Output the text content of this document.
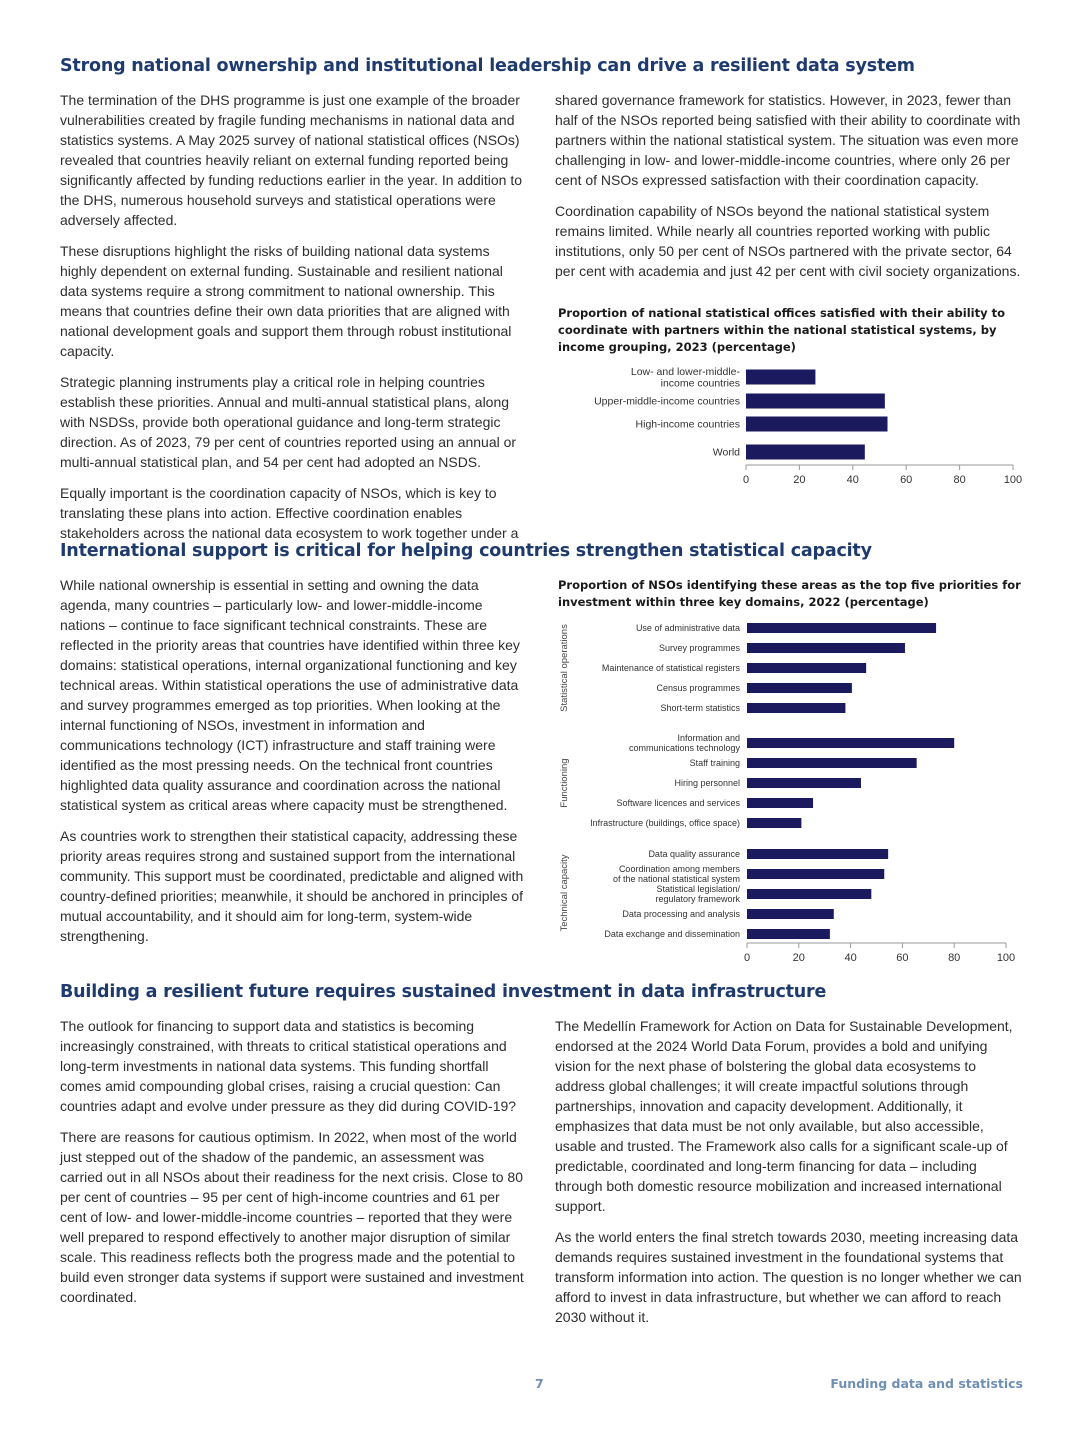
Strong national ownership and institutional leadership can drive a resilient data system

The termination of the DHS programme is just one example of the broader vulnerabilities created by fragile funding mechanisms in national data and statistics systems. A May 2025 survey of national statistical offices (NSOs) revealed that countries heavily reliant on external funding reported being significantly affected by funding reductions earlier in the year. In addition to the DHS, numerous household surveys and statistical operations were adversely affected.

These disruptions highlight the risks of building national data systems highly dependent on external funding. Sustainable and resilient national data systems require a strong commitment to national ownership. This means that countries define their own data priorities that are aligned with national development goals and support them through robust institutional capacity.

Strategic planning instruments play a critical role in helping countries establish these priorities. Annual and multi-annual statistical plans, along with NSDSs, provide both operational guidance and long-term strategic direction. As of 2023, 79 per cent of countries reported using an annual or multi-annual statistical plan, and 54 per cent had adopted an NSDS.

Equally important is the coordination capacity of NSOs, which is key to translating these plans into action. Effective coordination enables stakeholders across the national data ecosystem to work together under a

shared governance framework for statistics. However, in 2023, fewer than half of the NSOs reported being satisfied with their ability to coordinate with partners within the national statistical system. The situation was even more challenging in low- and lower-middle-income countries, where only 26 per cent of NSOs expressed satisfaction with their coordination capacity.

Coordination capability of NSOs beyond the national statistical system remains limited. While nearly all countries reported working with public institutions, only 50 per cent of NSOs partnered with the private sector, 64 per cent with academia and just 42 per cent with civil society organizations.

Proportion of national statistical offices satisfied with their ability to coordinate with partners within the national statistical systems, by income grouping, 2023 (percentage)
Low- and lower-middle-income countries
Upper-middle-income countries
High-income countries
World
0	20	40	60	80	100
International support is critical for helping countries strengthen statistical capacity

While national ownership is essential in setting and owning the data agenda, many countries – particularly low- and lower-middle-income nations – continue to face significant technical constraints. These are reflected in the priority areas that countries have identified within three key domains: statistical operations, internal organizational functioning and key technical areas. Within statistical operations the use of administrative data and survey programmes emerged as top priorities. When looking at the internal functioning of NSOs, investment in information and communications technology (ICT) infrastructure and staff training were identified as the most pressing needs. On the technical front countries highlighted data quality assurance and coordination across the national statistical system as critical areas where capacity must be strengthened.

As countries work to strengthen their statistical capacity, addressing these priority areas requires strong and sustained support from the international community. This support must be coordinated, predictable and aligned with country-defined priorities; meanwhile, it should be anchored in principles of mutual accountability, and it should aim for long-term, system-wide strengthening.

Proportion of NSOs identifying these areas as the top five priorities for investment within three key domains, 2022 (percentage)
Statistical operations	Use of administrative data
Survey programmes
Maintenance of statistical registers
Census programmes
Short-term statistics
Functioning
Information and communications technology
Staff training
Hiring personnel
Software licences and services
Infrastructure (buildings, office space)
Technical capacity
Data quality assurance
Coordination among members of the national statistical system
Statistical legislation/ regulatory framework
Data processing and analysis
Data exchange and dissemination
0	20	40	60	80	100
Building a resilient future requires sustained investment in data infrastructure

The outlook for financing to support data and statistics is becoming increasingly constrained, with threats to critical statistical operations and long-term investments in national data systems. This funding shortfall comes amid compounding global crises, raising a crucial question: Can countries adapt and evolve under pressure as they did during COVID-19?

There are reasons for cautious optimism. In 2022, when most of the world just stepped out of the shadow of the pandemic, an assessment was carried out in all NSOs about their readiness for the next crisis. Close to 80 per cent of countries – 95 per cent of high-income countries and 61 per cent of low- and lower-middle-income countries – reported that they were well prepared to respond effectively to another major disruption of similar scale. This readiness reflects both the progress made and the potential to build even stronger data systems if support were sustained and investment coordinated.

The Medellín Framework for Action on Data for Sustainable Development, endorsed at the 2024 World Data Forum, provides a bold and unifying vision for the next phase of bolstering the global data ecosystems to address global challenges; it will create impactful solutions through partnerships, innovation and capacity development. Additionally, it emphasizes that data must be not only available, but also accessible, usable and trusted. The Framework also calls for a significant scale-up of predictable, coordinated and long-term financing for data – including through both domestic resource mobilization and increased international support.

As the world enters the final stretch towards 2030, meeting increasing data demands requires sustained investment in the foundational systems that transform information into action. The question is no longer whether we can afford to invest in data infrastructure, but whether we can afford to reach 2030 without it.

7	Funding data and statistics
